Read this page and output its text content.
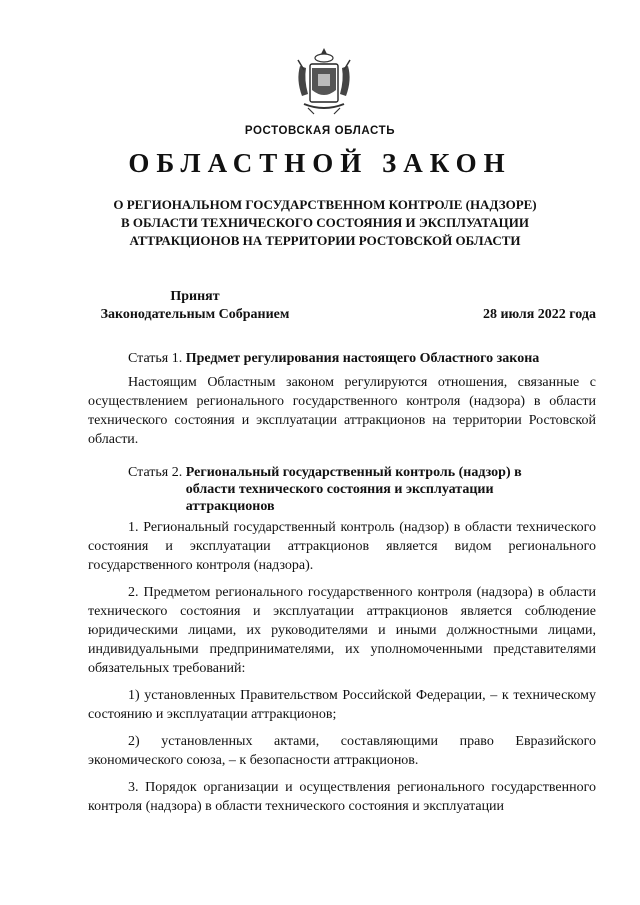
РОСТОВСКАЯ ОБЛАСТЬ
ОБЛАСТНОЙ ЗАКОН
О РЕГИОНАЛЬНОМ ГОСУДАРСТВЕННОМ КОНТРОЛЕ (НАДЗОРЕ)
В ОБЛАСТИ ТЕХНИЧЕСКОГО СОСТОЯНИЯ И ЭКСПЛУАТАЦИИ
АТТРАКЦИОНОВ НА ТЕРРИТОРИИ РОСТОВСКОЙ ОБЛАСТИ
Принят
Законодательным Собранием	28 июля 2022 года
Статья 1. Предмет регулирования настоящего Областного закона

Настоящим Областным законом регулируются отношения, связанные с осуществлением регионального государственного контроля (надзора) в области технического состояния и эксплуатации аттракционов на территории Ростовской области.

Статья 2. Региональный государственный контроль (надзор) в области технического состояния и эксплуатации аттракционов

1. Региональный государственный контроль (надзор) в области технического состояния и эксплуатации аттракционов является видом регионального государственного контроля (надзора).

2. Предметом регионального государственного контроля (надзора) в области технического состояния и эксплуатации аттракционов является соблюдение юридическими лицами, их руководителями и иными должностными лицами, индивидуальными предпринимателями, их уполномоченными представителями обязательных требований:

1) установленных Правительством Российской Федерации, – к техническому состоянию и эксплуатации аттракционов;

2) установленных актами, составляющими право Евразийского экономического союза, – к безопасности аттракционов.

3. Порядок организации и осуществления регионального государственного контроля (надзора) в области технического состояния и эксплуатации
